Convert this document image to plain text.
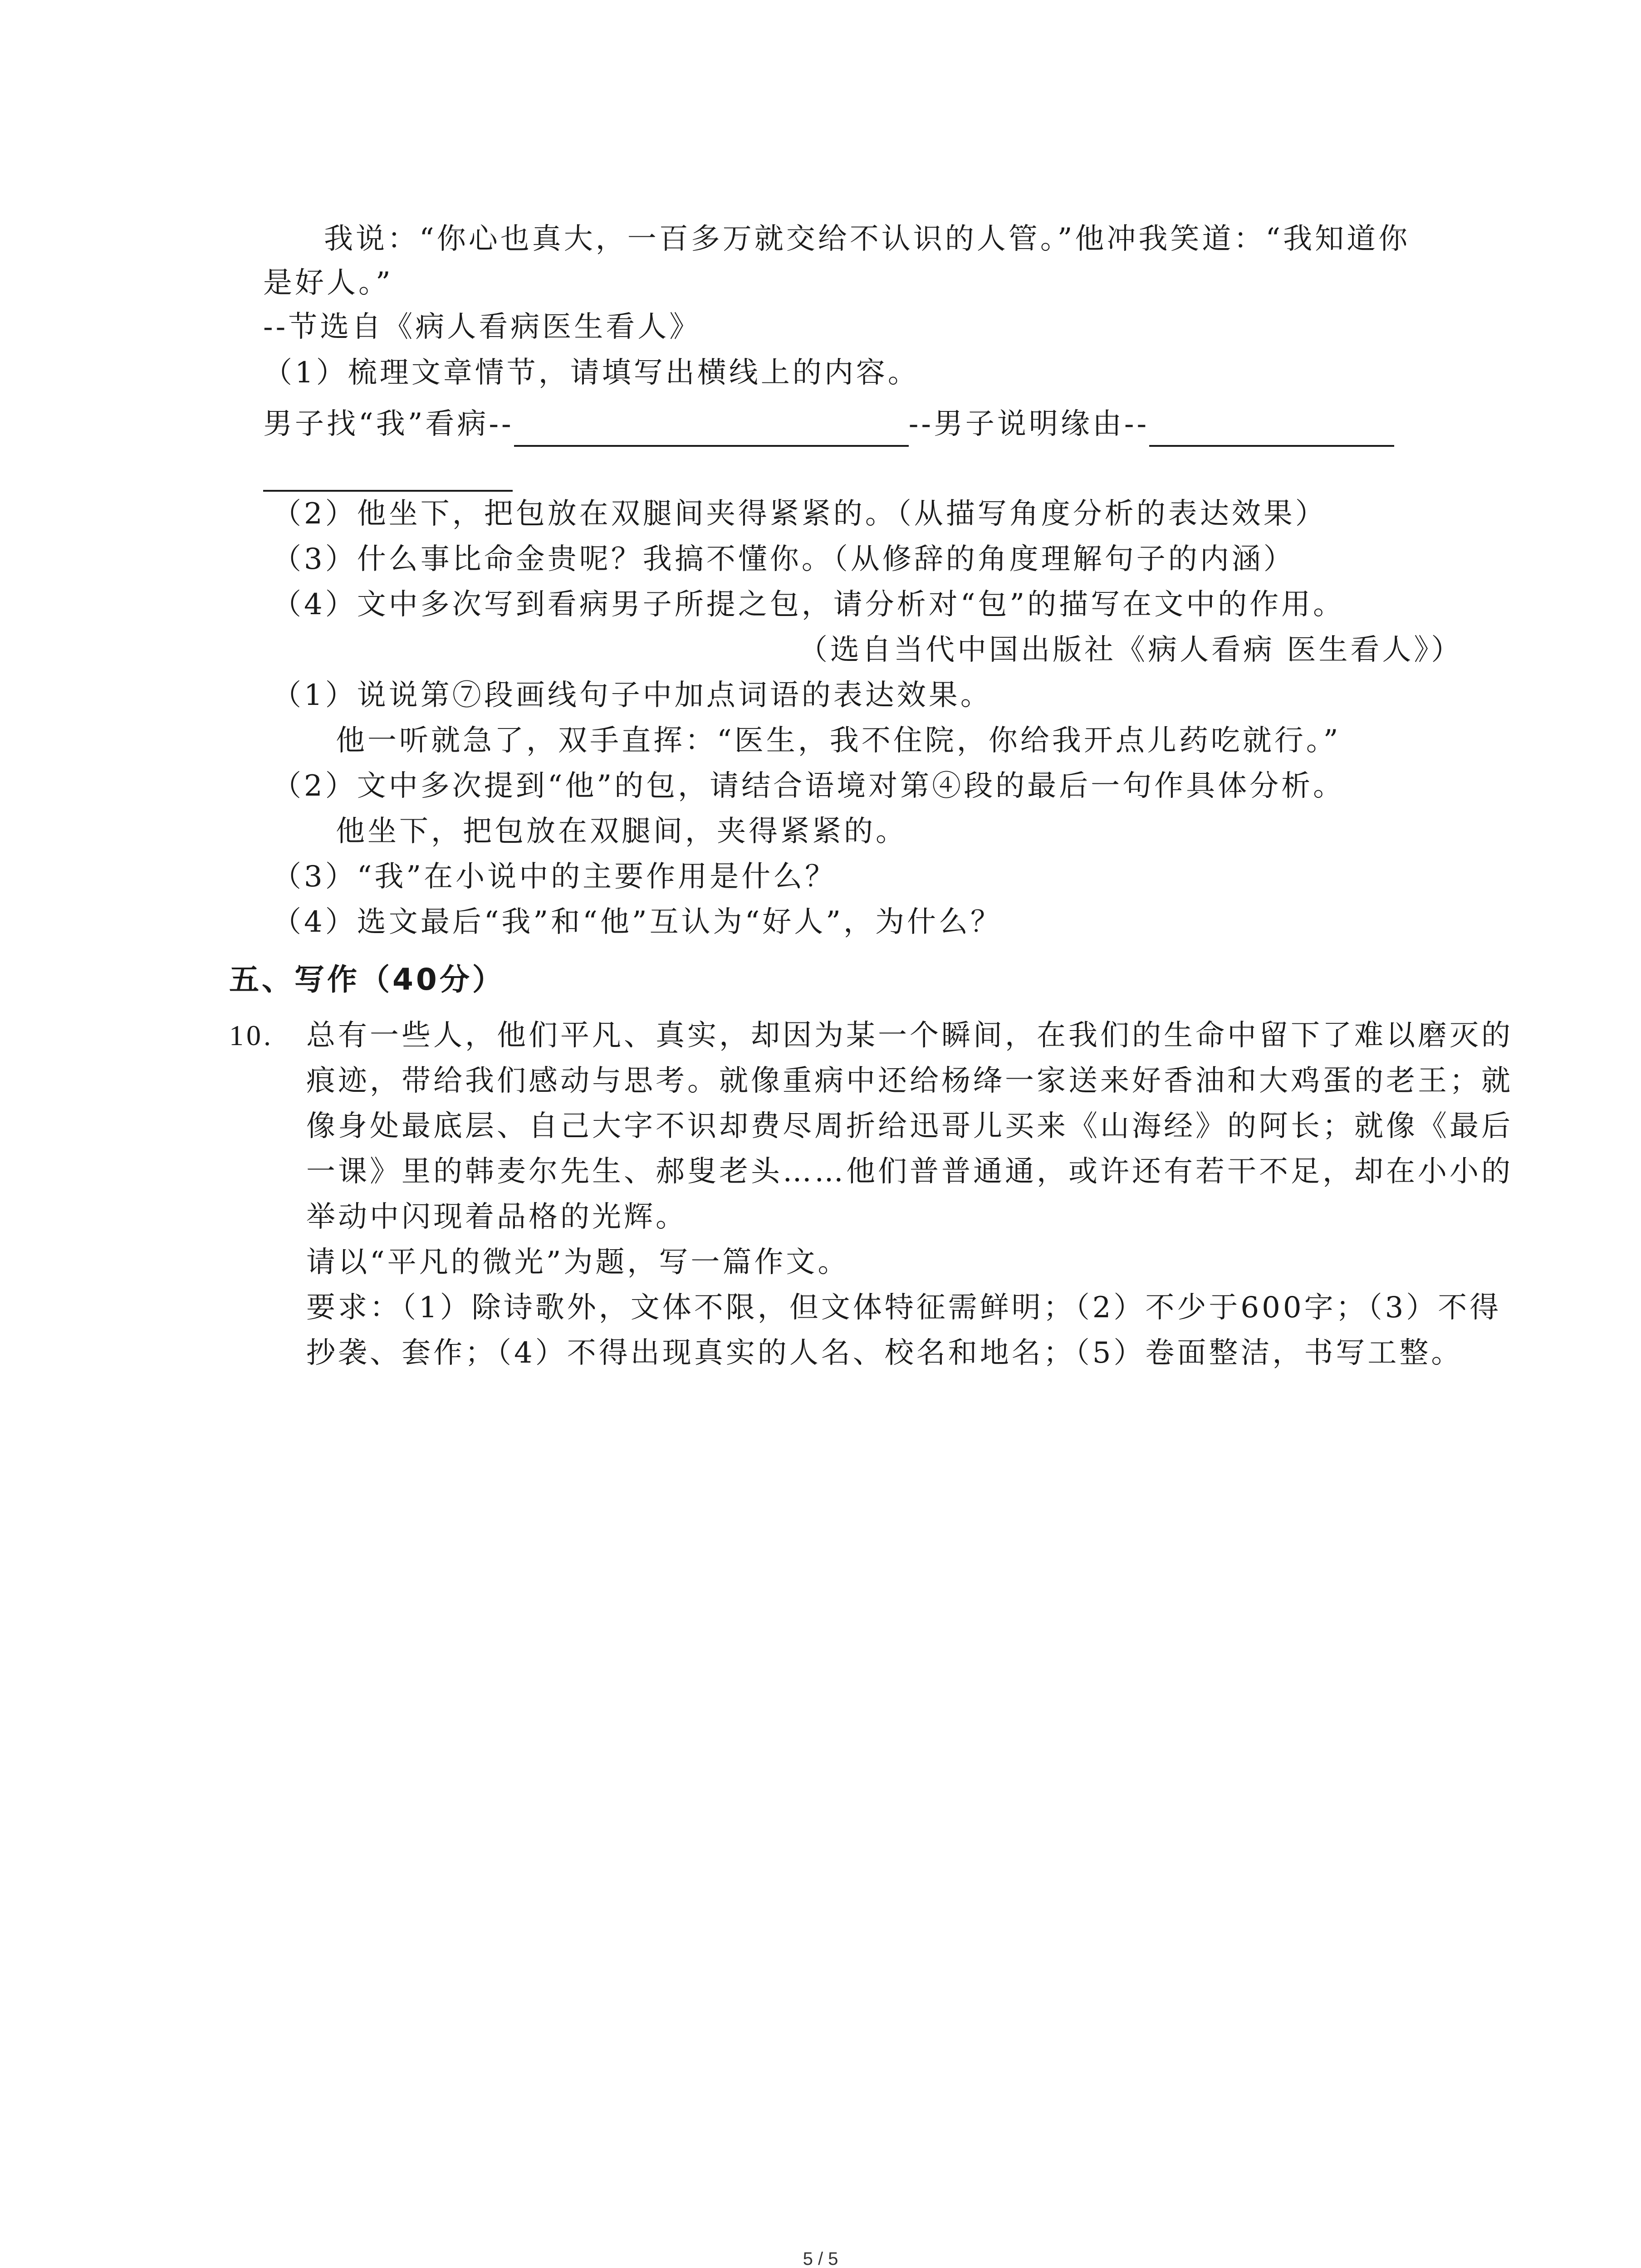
我说：“你心也真大，一百多万就交给不认识的人管。”他冲我笑道：“我知道你
是好人。”
--节选自《病人看病医生看人》
（1）梳理文章情节，请填写出横线上的内容。
男子找“我”看病--	--男子说明缘由--
（2）他坐下，把包放在双腿间夹得紧紧的。（从描写角度分析的表达效果）
（3）什么事比命金贵呢？我搞不懂你。（从修辞的角度理解句子的内涵）
（4）文中多次写到看病男子所提之包，请分析对“包”的描写在文中的作用。
（选自当代中国出版社《病人看病 医生看人》）
（1）说说第⑦段画线句子中加点词语的表达效果。
他一听就急了，双手直挥：“医生，我不住院，你给我开点儿药吃就行。”
（2）文中多次提到“他”的包，请结合语境对第④段的最后一句作具体分析。
他坐下，把包放在双腿间，夹得紧紧的。
（3）“我”在小说中的主要作用是什么？
（4）选文最后“我”和“他”互认为“好人”，为什么？
五、写作（40分）
10. 总有一些人，他们平凡、真实，却因为某一个瞬间，在我们的生命中留下了难以磨灭的
痕迹，带给我们感动与思考。就像重病中还给杨绛一家送来好香油和大鸡蛋的老王；就
像身处最底层、自己大字不识却费尽周折给迅哥儿买来《山海经》的阿长；就像《最后
一课》里的韩麦尔先生、郝叟老头……他们普普通通，或许还有若干不足，却在小小的
举动中闪现着品格的光辉。
请以“平凡的微光”为题，写一篇作文。
要求：（1）除诗歌外，文体不限，但文体特征需鲜明；（2）不少于600字；（3）不得
抄袭、套作；（4）不得出现真实的人名、校名和地名；（5）卷面整洁，书写工整。
5 / 5
